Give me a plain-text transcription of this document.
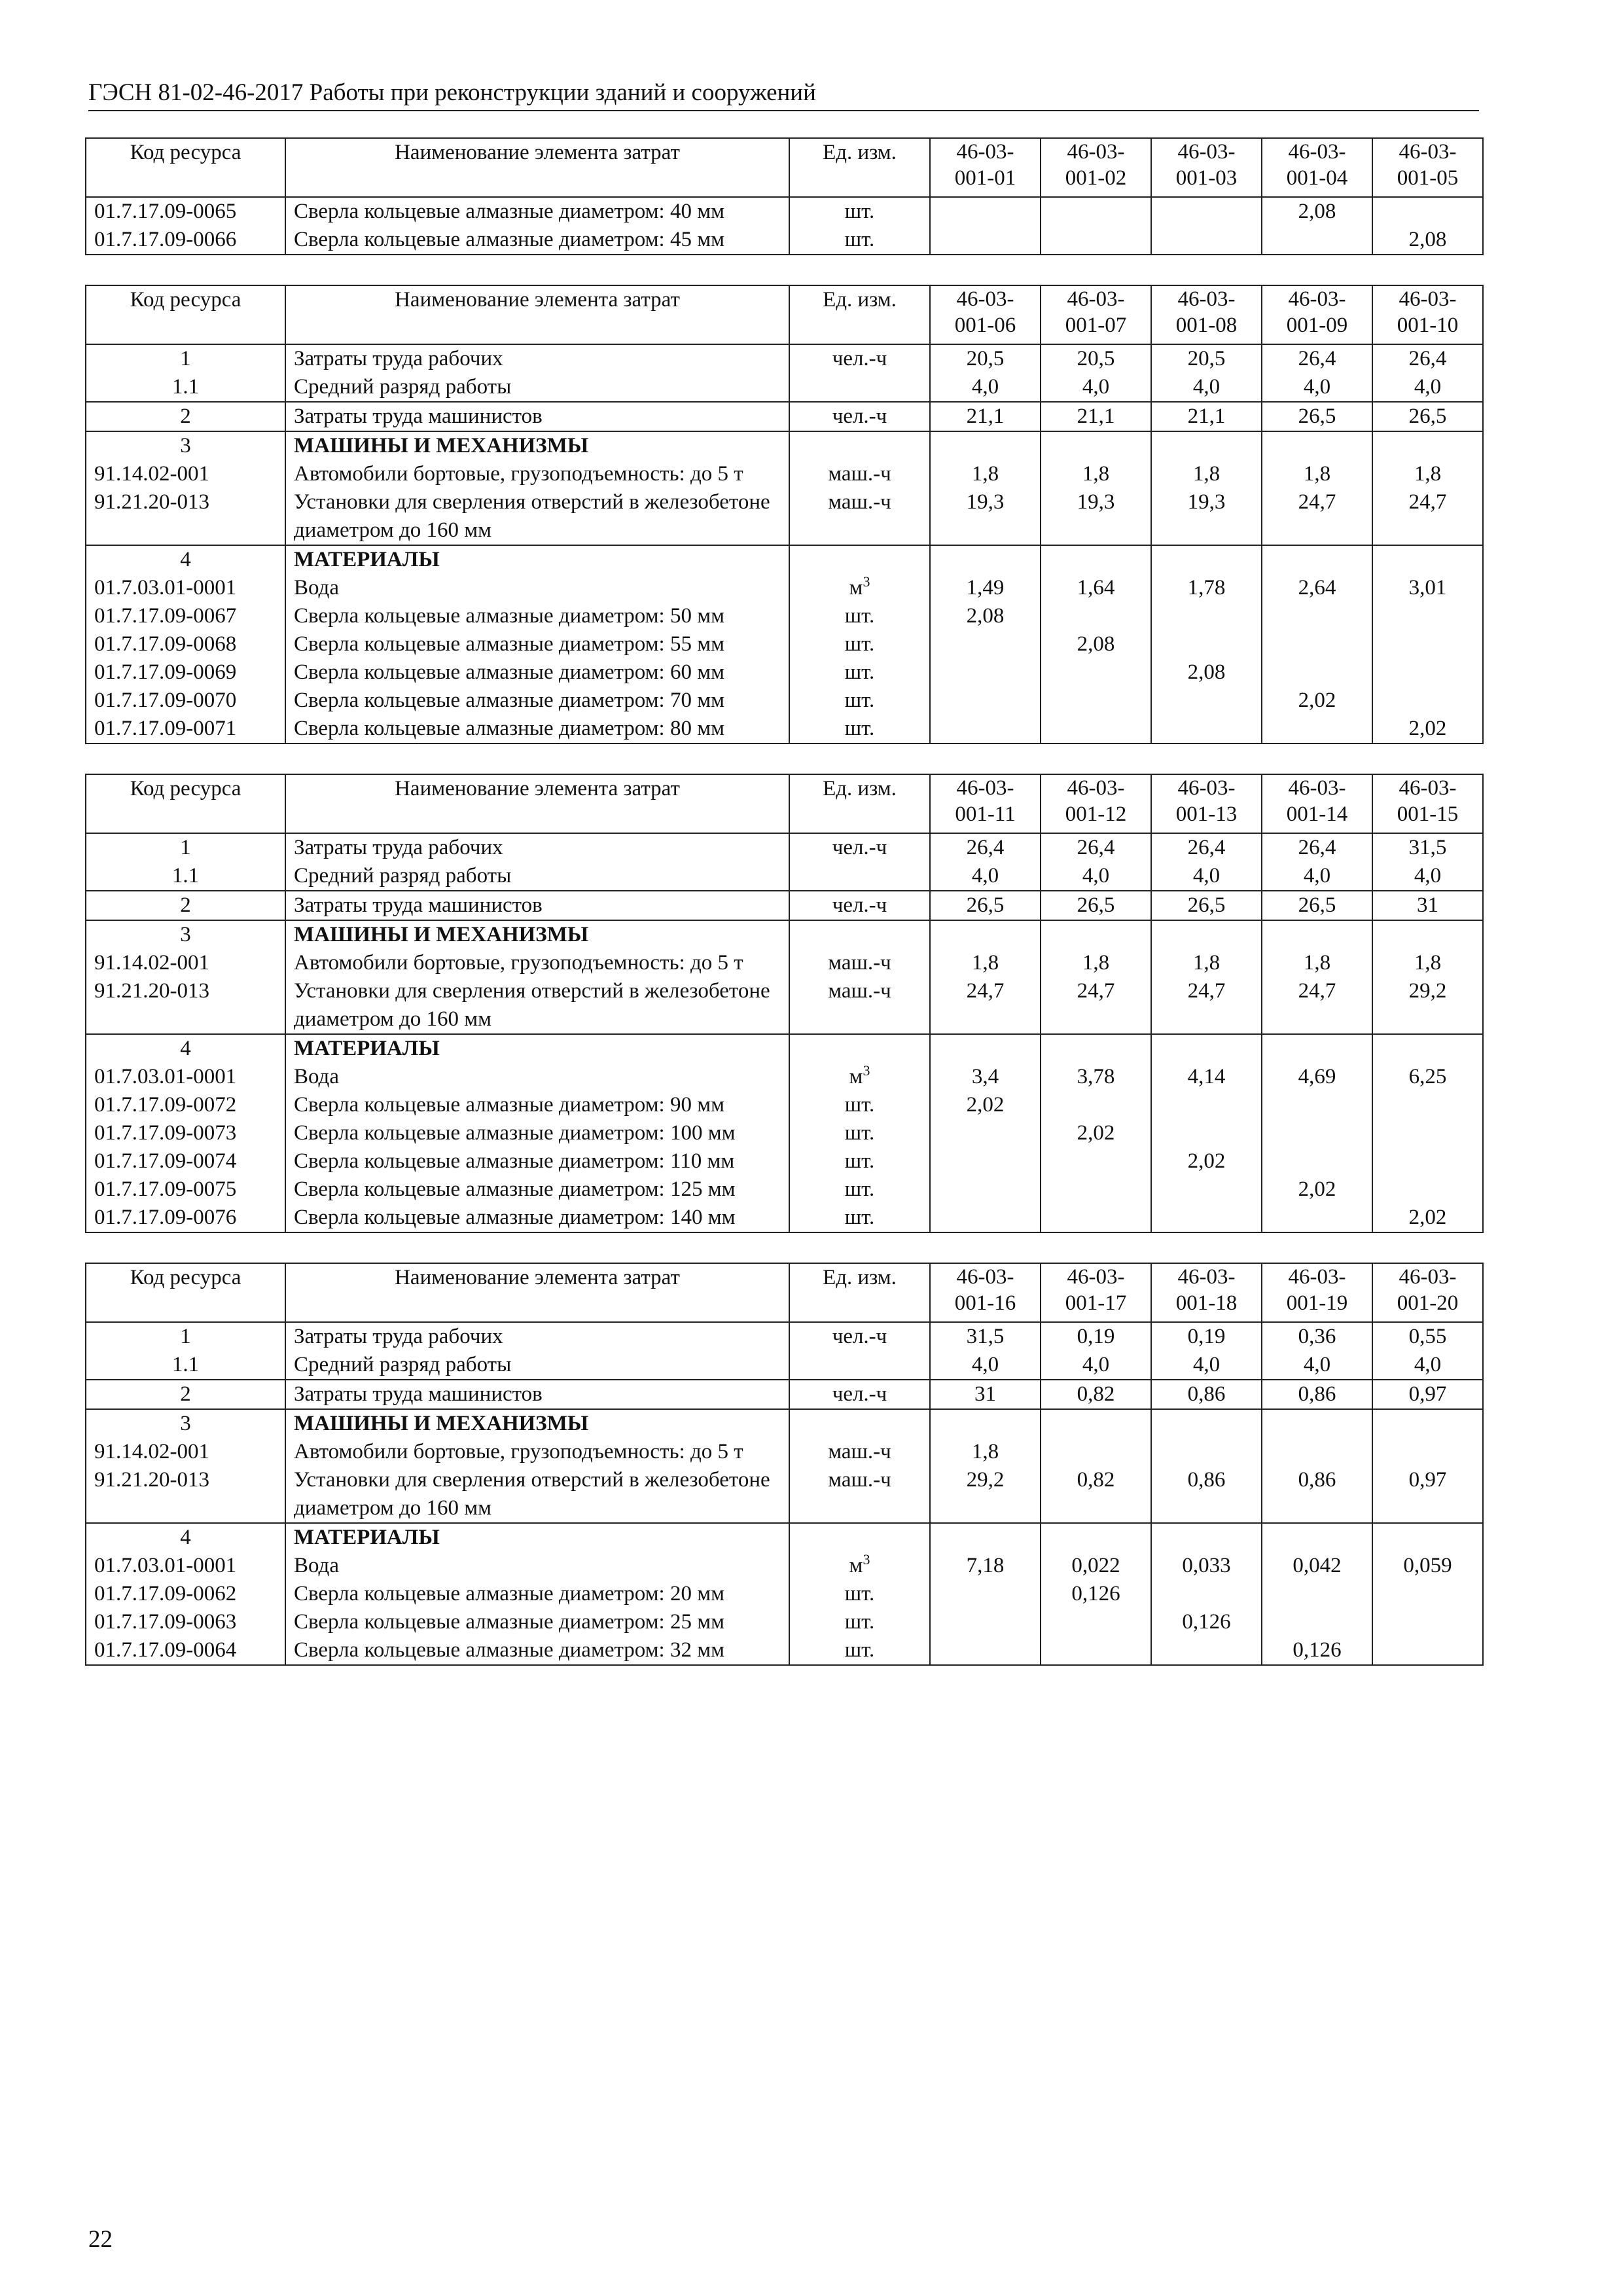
ГЭСН 81-02-46-2017 Работы при реконструкции зданий и сооружений
Код ресурса	Наименование элемента затрат	Ед. изм.	46-03-
001-01	46-03-
001-02	46-03-
001-03	46-03-
001-04	46-03-
001-05
01.7.17.09-0065	Сверла кольцевые алмазные диаметром: 40 мм	шт.				2,08	
01.7.17.09-0066	Сверла кольцевые алмазные диаметром: 45 мм	шт.					2,08
Код ресурса	Наименование элемента затрат	Ед. изм.	46-03-
001-06	46-03-
001-07	46-03-
001-08	46-03-
001-09	46-03-
001-10
1	Затраты труда рабочих	чел.-ч	20,5	20,5	20,5	26,4	26,4
1.1	Средний разряд работы		4,0	4,0	4,0	4,0	4,0
2	Затраты труда машинистов	чел.-ч	21,1	21,1	21,1	26,5	26,5
3	МАШИНЫ И МЕХАНИЗМЫ						
91.14.02-001	Автомобили бортовые, грузоподъемность: до 5 т	маш.-ч	1,8	1,8	1,8	1,8	1,8
91.21.20-013	Установки для сверления отверстий в железобетоне диаметром до 160 мм	маш.-ч	19,3	19,3	19,3	24,7	24,7
4	МАТЕРИАЛЫ						
01.7.03.01-0001	Вода	$м^3$	1,49	1,64	1,78	2,64	3,01
01.7.17.09-0067	Сверла кольцевые алмазные диаметром: 50 мм	шт.	2,08				
01.7.17.09-0068	Сверла кольцевые алмазные диаметром: 55 мм	шт.		2,08			
01.7.17.09-0069	Сверла кольцевые алмазные диаметром: 60 мм	шт.			2,08		
01.7.17.09-0070	Сверла кольцевые алмазные диаметром: 70 мм	шт.				2,02	
01.7.17.09-0071	Сверла кольцевые алмазные диаметром: 80 мм	шт.					2,02
Код ресурса	Наименование элемента затрат	Ед. изм.	46-03-
001-11	46-03-
001-12	46-03-
001-13	46-03-
001-14	46-03-
001-15
1	Затраты труда рабочих	чел.-ч	26,4	26,4	26,4	26,4	31,5
1.1	Средний разряд работы		4,0	4,0	4,0	4,0	4,0
2	Затраты труда машинистов	чел.-ч	26,5	26,5	26,5	26,5	31
3	МАШИНЫ И МЕХАНИЗМЫ						
91.14.02-001	Автомобили бортовые, грузоподъемность: до 5 т	маш.-ч	1,8	1,8	1,8	1,8	1,8
91.21.20-013	Установки для сверления отверстий в железобетоне диаметром до 160 мм	маш.-ч	24,7	24,7	24,7	24,7	29,2
4	МАТЕРИАЛЫ						
01.7.03.01-0001	Вода	$м^3$	3,4	3,78	4,14	4,69	6,25
01.7.17.09-0072	Сверла кольцевые алмазные диаметром: 90 мм	шт.	2,02				
01.7.17.09-0073	Сверла кольцевые алмазные диаметром: 100 мм	шт.		2,02			
01.7.17.09-0074	Сверла кольцевые алмазные диаметром: 110 мм	шт.			2,02		
01.7.17.09-0075	Сверла кольцевые алмазные диаметром: 125 мм	шт.				2,02	
01.7.17.09-0076	Сверла кольцевые алмазные диаметром: 140 мм	шт.					2,02
Код ресурса	Наименование элемента затрат	Ед. изм.	46-03-
001-16	46-03-
001-17	46-03-
001-18	46-03-
001-19	46-03-
001-20
1	Затраты труда рабочих	чел.-ч	31,5	0,19	0,19	0,36	0,55
1.1	Средний разряд работы		4,0	4,0	4,0	4,0	4,0
2	Затраты труда машинистов	чел.-ч	31	0,82	0,86	0,86	0,97
3	МАШИНЫ И МЕХАНИЗМЫ						
91.14.02-001	Автомобили бортовые, грузоподъемность: до 5 т	маш.-ч	1,8				
91.21.20-013	Установки для сверления отверстий в железобетоне диаметром до 160 мм	маш.-ч	29,2	0,82	0,86	0,86	0,97
4	МАТЕРИАЛЫ						
01.7.03.01-0001	Вода	$м^3$	7,18	0,022	0,033	0,042	0,059
01.7.17.09-0062	Сверла кольцевые алмазные диаметром: 20 мм	шт.		0,126			
01.7.17.09-0063	Сверла кольцевые алмазные диаметром: 25 мм	шт.			0,126		
01.7.17.09-0064	Сверла кольцевые алмазные диаметром: 32 мм	шт.				0,126	
22
